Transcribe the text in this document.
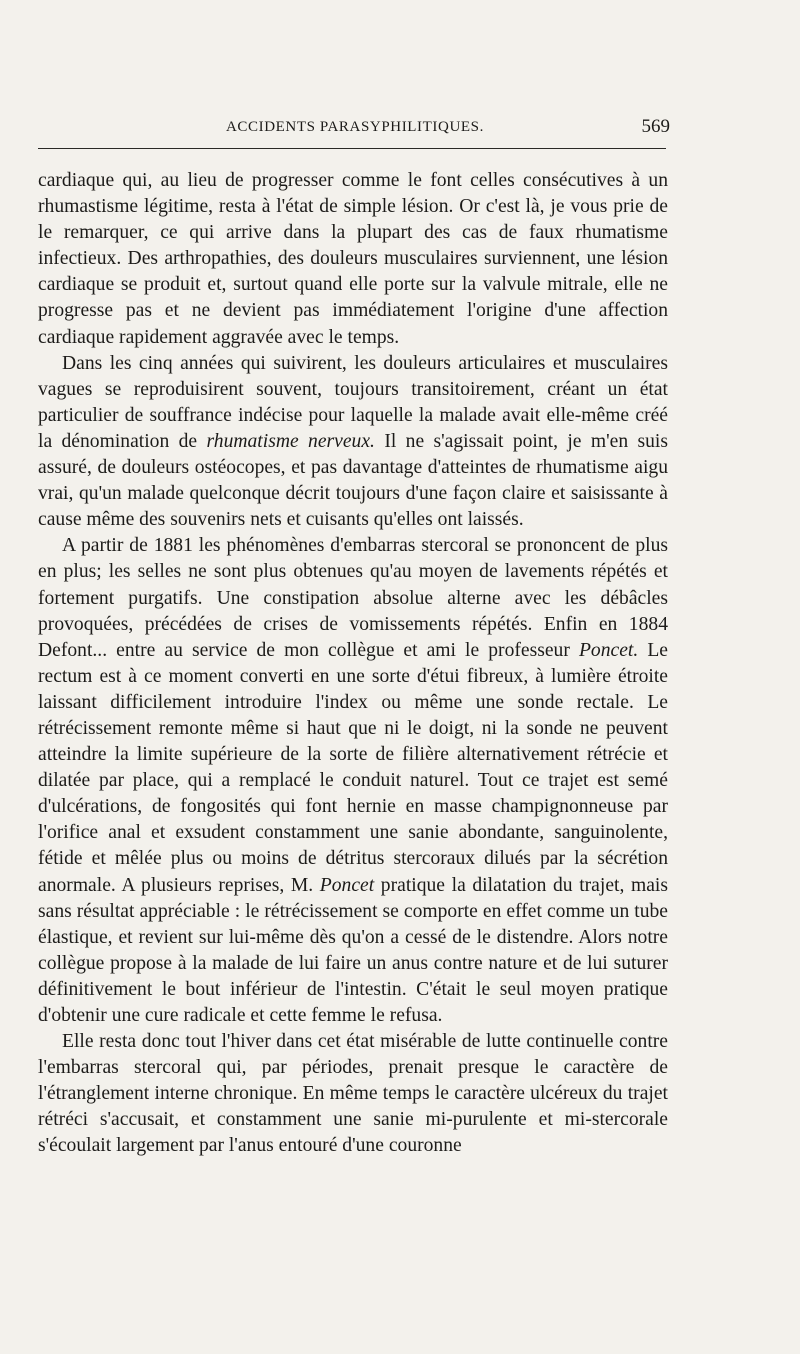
ACCIDENTS PARASYPHILITIQUES.	569

cardiaque qui, au lieu de progresser comme le font celles consécutives à un rhumastisme légitime, resta à l'état de simple lésion. Or c'est là, je vous prie de le remarquer, ce qui arrive dans la plupart des cas de faux rhumatisme infectieux. Des arthropathies, des douleurs musculaires surviennent, une lésion cardiaque se produit et, surtout quand elle porte sur la valvule mitrale, elle ne progresse pas et ne devient pas immédiatement l'origine d'une affection cardiaque rapidement aggravée avec le temps.

Dans les cinq années qui suivirent, les douleurs articulaires et musculaires vagues se reproduisirent souvent, toujours transitoirement, créant un état particulier de souffrance indécise pour laquelle la malade avait elle-même créé la dénomination de rhumatisme nerveux. Il ne s'agissait point, je m'en suis assuré, de douleurs ostéocopes, et pas davantage d'atteintes de rhumatisme aigu vrai, qu'un malade quelconque décrit toujours d'une façon claire et saisissante à cause même des souvenirs nets et cuisants qu'elles ont laissés.

A partir de 1881 les phénomènes d'embarras stercoral se prononcent de plus en plus; les selles ne sont plus obtenues qu'au moyen de lavements répétés et fortement purgatifs. Une constipation absolue alterne avec les débâcles provoquées, précédées de crises de vomissements répétés. Enfin en 1884 Defont... entre au service de mon collègue et ami le professeur Poncet. Le rectum est à ce moment converti en une sorte d'étui fibreux, à lumière étroite laissant difficilement introduire l'index ou même une sonde rectale. Le rétrécissement remonte même si haut que ni le doigt, ni la sonde ne peuvent atteindre la limite supérieure de la sorte de filière alternativement rétrécie et dilatée par place, qui a remplacé le conduit naturel. Tout ce trajet est semé d'ulcérations, de fongosités qui font hernie en masse champignonneuse par l'orifice anal et exsudent constamment une sanie abondante, sanguinolente, fétide et mêlée plus ou moins de détritus stercoraux dilués par la sécrétion anormale. A plusieurs reprises, M. Poncet pratique la dilatation du trajet, mais sans résultat appréciable : le rétrécissement se comporte en effet comme un tube élastique, et revient sur lui-même dès qu'on a cessé de le distendre. Alors notre collègue propose à la malade de lui faire un anus contre nature et de lui suturer définitivement le bout inférieur de l'intestin. C'était le seul moyen pratique d'obtenir une cure radicale et cette femme le refusa.

Elle resta donc tout l'hiver dans cet état misérable de lutte continuelle contre l'embarras stercoral qui, par périodes, prenait presque le caractère de l'étranglement interne chronique. En même temps le caractère ulcéreux du trajet rétréci s'accusait, et constamment une sanie mi-purulente et mi-stercorale s'écoulait largement par l'anus entouré d'une couronne
